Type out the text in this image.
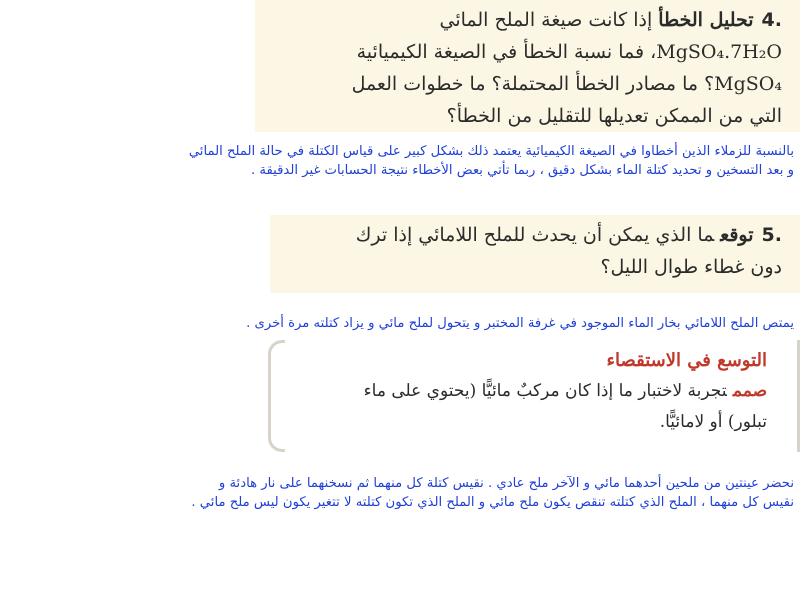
4.تحليل الخطأإذا كانت صيغة الملح المائي
MgSO₄.7H₂O، فما نسبة الخطأ في الصيغة الكيميائية
MgSO₄؟ ما مصادر الخطأ المحتملة؟ ما خطوات العمل
التي من الممكن تعديلها للتقليل من الخطأ؟
بالنسبة للزملاء الذين أخطاوا في الصيغة الكيميائية يعتمد ذلك بشكل كبير على قياس الكتلة في حالة الملح المائي
و بعد التسخين و تحديد كتلة الماء بشكل دقيق ، ربما تأتي بعض الأخطاء نتيجة الحسابات غير الدقيقة .
5.توقعما الذي يمكن أن يحدث للملح اللامائي إذا ترك
دون غطاء طوال الليل؟
يمتص الملح اللامائي بخار الماء الموجود في غرفة المختبر و يتحول لملح مائي و يزاد كتلته مرة أخرى .
التوسع في الاستقصاء
صممتجربة لاختبار ما إذا كان مركبٌ مائيًّا (يحتوي على ماء
تبلور) أو لامائيًّا.
نحضر عينتين من ملحين أحدهما مائي و الآخر ملح عادي . نقيس كتلة كل منهما ثم نسخنهما على نار هادئة و
نقيس كل منهما ، الملح الذي كتلته تنقص يكون ملح مائي و الملح الذي تكون كتلته لا تتغير يكون ليس ملح مائي .
